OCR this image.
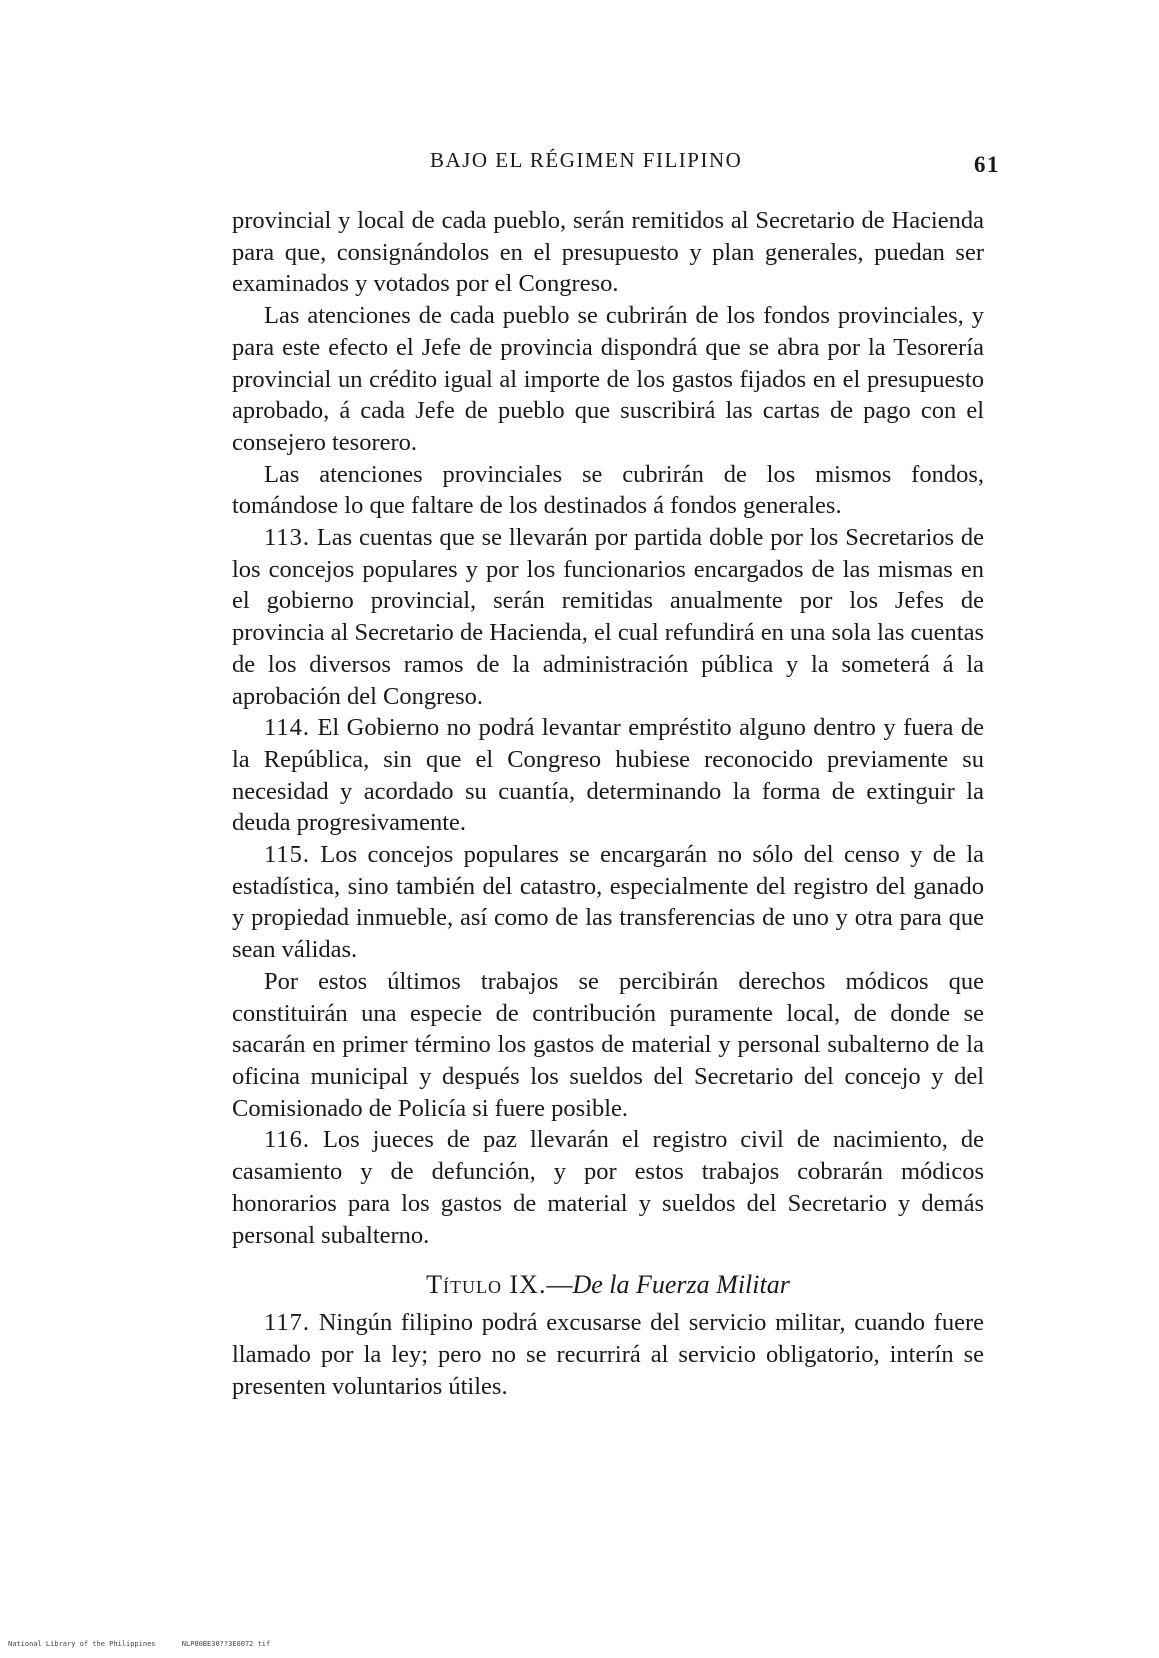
BAJO EL RÉGIMEN FILIPINO	61

provincial y local de cada pueblo, serán remitidos al Secretario de Hacienda para que, consignándolos en el presupuesto y plan generales, puedan ser examinados y votados por el Congreso.

Las atenciones de cada pueblo se cubrirán de los fondos provinciales, y para este efecto el Jefe de provincia dispondrá que se abra por la Tesorería provincial un crédito igual al importe de los gastos fijados en el presupuesto aprobado, á cada Jefe de pueblo que suscribirá las cartas de pago con el consejero tesorero.

Las atenciones provinciales se cubrirán de los mismos fondos, tomándose lo que faltare de los destinados á fondos generales.

113. Las cuentas que se llevarán por partida doble por los Secretarios de los concejos populares y por los funcionarios encargados de las mismas en el gobierno provincial, serán remitidas anualmente por los Jefes de provincia al Secretario de Hacienda, el cual refundirá en una sola las cuentas de los diversos ramos de la administración pública y la someterá á la aprobación del Congreso.

114. El Gobierno no podrá levantar empréstito alguno dentro y fuera de la República, sin que el Congreso hubiese reconocido previamente su necesidad y acordado su cuantía, determinando la forma de extinguir la deuda progresivamente.

115. Los concejos populares se encargarán no sólo del censo y de la estadística, sino también del catastro, especialmente del registro del ganado y propiedad inmueble, así como de las transferencias de uno y otra para que sean válidas.

Por estos últimos trabajos se percibirán derechos módicos que constituirán una especie de contribución puramente local, de donde se sacarán en primer término los gastos de material y personal subalterno de la oficina municipal y después los sueldos del Secretario del concejo y del Comisionado de Policía si fuere posible.

116. Los jueces de paz llevarán el registro civil de nacimiento, de casamiento y de defunción, y por estos trabajos cobrarán módicos honorarios para los gastos de material y sueldos del Secretario y demás personal subalterno.

Título IX.—De la Fuerza Militar

117. Ningún filipino podrá excusarse del servicio militar, cuando fuere llamado por la ley; pero no se recurrirá al servicio obligatorio, interín se presenten voluntarios útiles.

National Library of the Philippines	NLP00BE30??3E0072 tif
